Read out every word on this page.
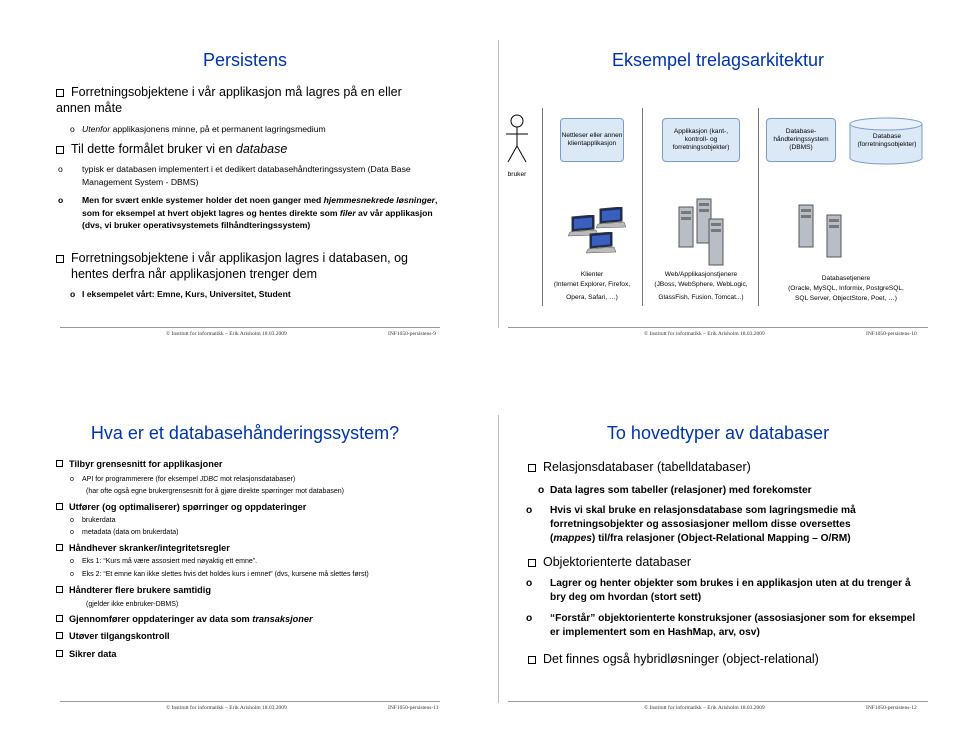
Persistens
Forretningsobjektene i vår applikasjon må lagres på en eller annen måte
o Utenfor applikasjonens minne, på et permanent lagringsmedium
Til dette formålet bruker vi en database
o typisk er databasen implementert i et dedikert databasehåndteringssystem (Data Base Management System - DBMS)
o Men for svært enkle systemer holder det noen ganger med hjemmesnekrede løsninger, som for eksempel at hvert objekt lagres og hentes direkte som filer av vår applikasjon (dvs, vi bruker operativsystemets filhåndteringssystem)
Forretningsobjektene i vår applikasjon lagres i databasen, og hentes derfra når applikasjonen trenger dem
o I eksempelet vårt: Emne, Kurs, Universitet, Student
© Institutt for informatikk – Erik Arisholm 18.03.2009	INF1050-persistens-9
Eksempel trelagsarkitektur
bruker
Nettleser eller annen klientapplikasjon
Applikasjon (kant-, kontroll- og forretningsobjekter)
Database-håndteringssystem (DBMS)
Database (forretningsobjekter)
Klienter
(Internet Explorer, Firefox,
Opera, Safari, …)
Web/Applikasjonstjenere
(JBoss, WebSphere, WebLogic,
GlassFish, Fusion, Tomcat...)
Databasetjenere
(Oracle, MySQL, Informix, PostgreSQL,
SQL Server, ObjectStore, Poet, …)
© Institutt for informatikk – Erik Arisholm 18.03.2009	INF1050-persistens-10
Hva er et databasehånderingssystem?
Tilbyr grensesnitt for applikasjoner
o API for programmerere (for eksempel JDBC mot relasjonsdatabaser)
(har ofte også egne brukergrensesnitt for å gjøre direkte spørringer mot databasen)
Utfører (og optimaliserer) spørringer og oppdateringer
o brukerdata
o metadata (data om brukerdata)
Håndhever skranker/integritetsregler
o Eks 1: “Kurs må være assosiert med nøyaktig ett emne”.
o Eks 2: “Et emne kan ikke slettes hvis det holdes kurs i emnet” (dvs, kursene må slettes først)
Håndterer flere brukere samtidig
(gjelder ikke enbruker-DBMS)
Gjennomfører oppdateringer av data som transaksjoner
Utøver tilgangskontroll
Sikrer data
© Institutt for informatikk – Erik Arisholm 18.03.2009	INF1050-persistens-11
To hovedtyper av databaser
Relasjonsdatabaser (tabelldatabaser)
o Data lagres som tabeller (relasjoner) med forekomster
o Hvis vi skal bruke en relasjonsdatabase som lagringsmedie må forretningsobjekter og assosiasjoner mellom disse oversettes (mappes) til/fra relasjoner (Object-Relational Mapping – O/RM)
Objektorienterte databaser
o Lagrer og henter objekter som brukes i en applikasjon uten at du trenger å bry deg om hvordan (stort sett)
o “Forstår” objektorienterte konstruksjoner (assosiasjoner som for eksempel er implementert som en HashMap, arv, osv)
Det finnes også hybridløsninger (object-relational)
© Institutt for informatikk – Erik Arisholm 18.03.2009	INF1050-persistens-12
